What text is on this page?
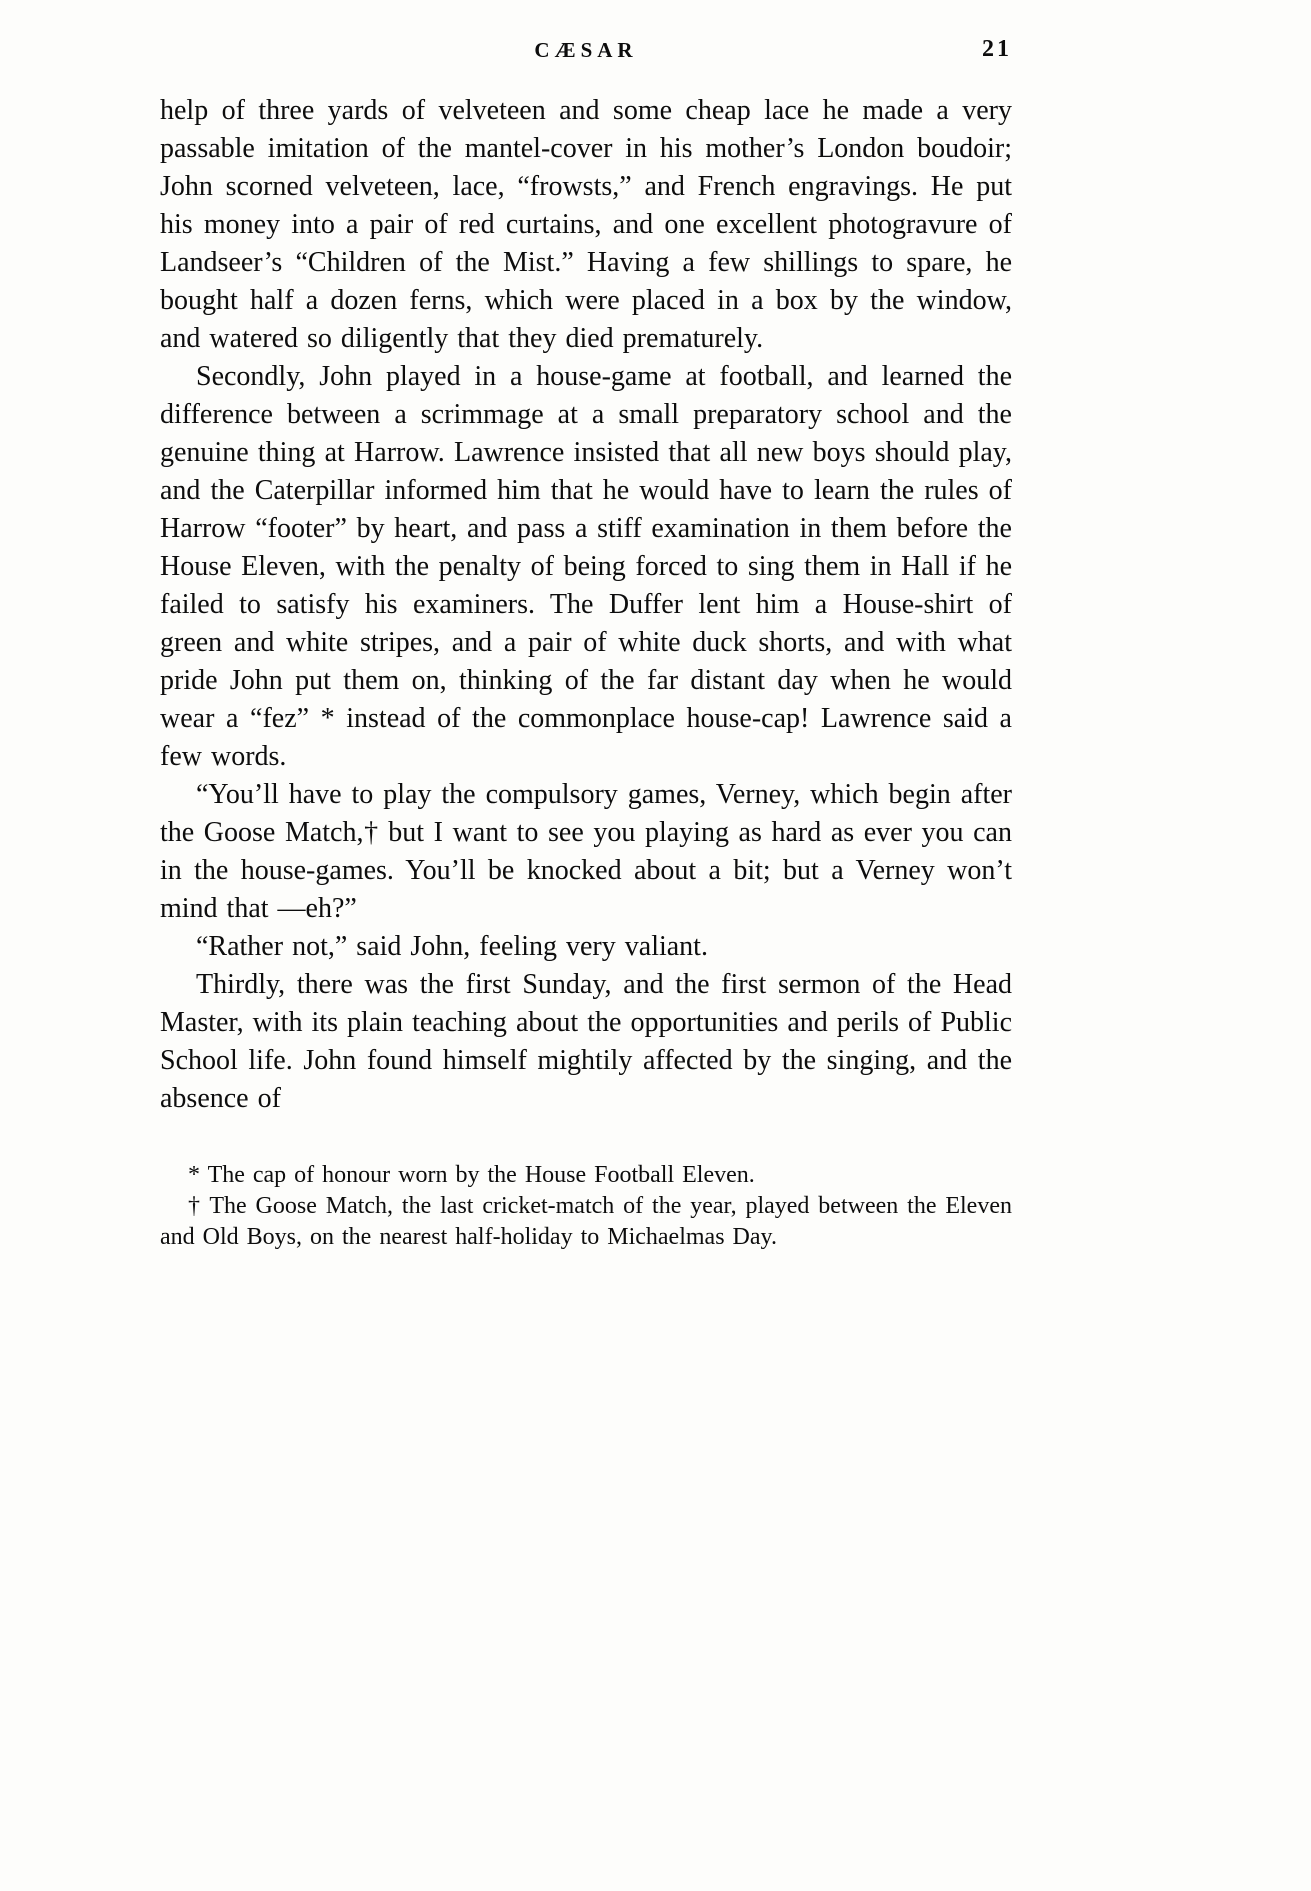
CÆSAR	21

help of three yards of velveteen and some cheap lace he made a very passable imitation of the mantel-cover in his mother’s London boudoir; John scorned velveteen, lace, “frowsts,” and French engravings. He put his money into a pair of red curtains, and one excellent photogravure of Landseer’s “Children of the Mist.” Having a few shillings to spare, he bought half a dozen ferns, which were placed in a box by the window, and watered so diligently that they died prematurely.

Secondly, John played in a house-game at football, and learned the difference between a scrimmage at a small preparatory school and the genuine thing at Harrow. Lawrence insisted that all new boys should play, and the Caterpillar informed him that he would have to learn the rules of Harrow “footer” by heart, and pass a stiff examination in them before the House Eleven, with the penalty of being forced to sing them in Hall if he failed to satisfy his examiners. The Duffer lent him a House-shirt of green and white stripes, and a pair of white duck shorts, and with what pride John put them on, thinking of the far distant day when he would wear a “fez” * instead of the commonplace house-cap! Lawrence said a few words.

“You’ll have to play the compulsory games, Verney, which begin after the Goose Match,† but I want to see you playing as hard as ever you can in the house-games. You’ll be knocked about a bit; but a Verney won’t mind that —eh?”

“Rather not,” said John, feeling very valiant.

Thirdly, there was the first Sunday, and the first sermon of the Head Master, with its plain teaching about the opportunities and perils of Public School life. John found himself mightily affected by the singing, and the absence of

* The cap of honour worn by the House Football Eleven.

† The Goose Match, the last cricket-match of the year, played between the Eleven and Old Boys, on the nearest half-holiday to Michaelmas Day.
